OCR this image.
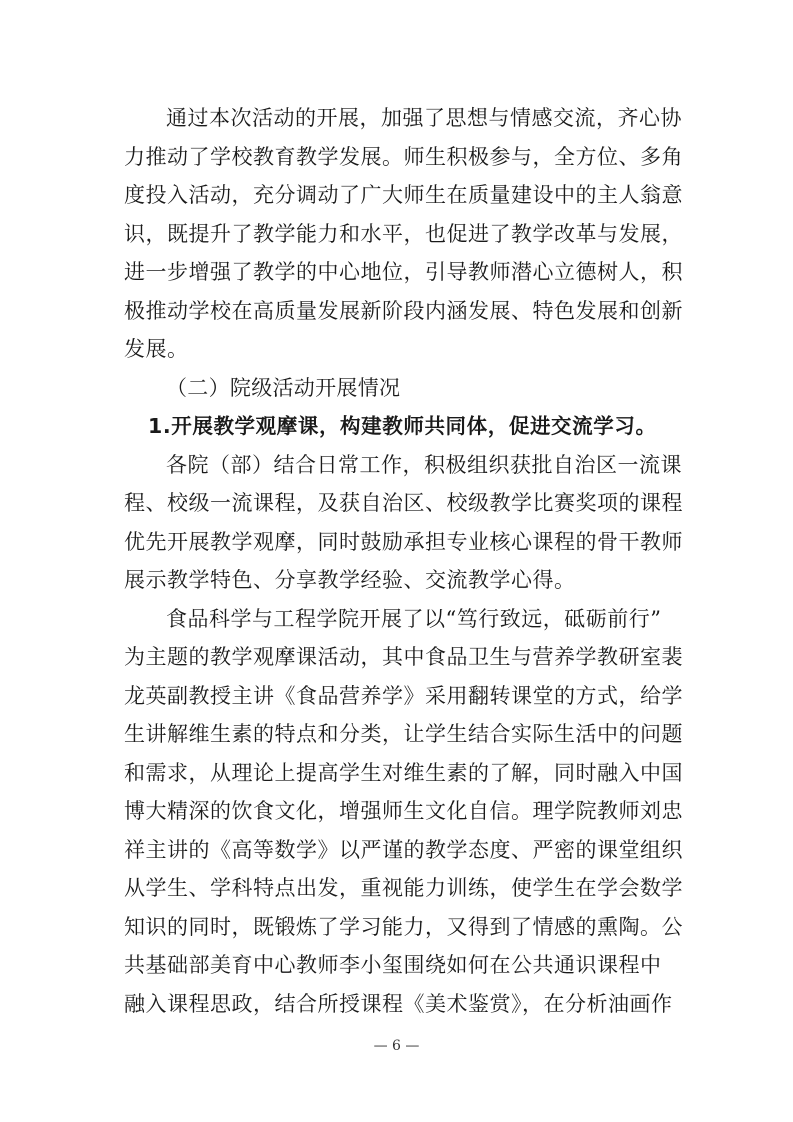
通过本次活动的开展，加强了思想与情感交流，齐心协
力推动了学校教育教学发展。师生积极参与，全方位、多角
度投入活动，充分调动了广大师生在质量建设中的主人翁意
识，既提升了教学能力和水平，也促进了教学改革与发展，
进一步增强了教学的中心地位，引导教师潜心立德树人，积
极推动学校在高质量发展新阶段内涵发展、特色发展和创新
发展。
（二）院级活动开展情况
1.开展教学观摩课，构建教师共同体，促进交流学习。
各院（部）结合日常工作，积极组织获批自治区一流课
程、校级一流课程，及获自治区、校级教学比赛奖项的课程
优先开展教学观摩，同时鼓励承担专业核心课程的骨干教师
展示教学特色、分享教学经验、交流教学心得。
食品科学与工程学院开展了以“笃行致远，砥砺前行”
为主题的教学观摩课活动，其中食品卫生与营养学教研室裴
龙英副教授主讲《食品营养学》采用翻转课堂的方式，给学
生讲解维生素的特点和分类，让学生结合实际生活中的问题
和需求，从理论上提高学生对维生素的了解，同时融入中国
博大精深的饮食文化，增强师生文化自信。理学院教师刘忠
祥主讲的《高等数学》以严谨的教学态度、严密的课堂组织
从学生、学科特点出发，重视能力训练，使学生在学会数学
知识的同时，既锻炼了学习能力，又得到了情感的熏陶。公
— 6 —
共基础部美育中心教师李小玺围绕如何在公共通识课程中
融入课程思政，结合所授课程《美术鉴赏》，在分析油画作
